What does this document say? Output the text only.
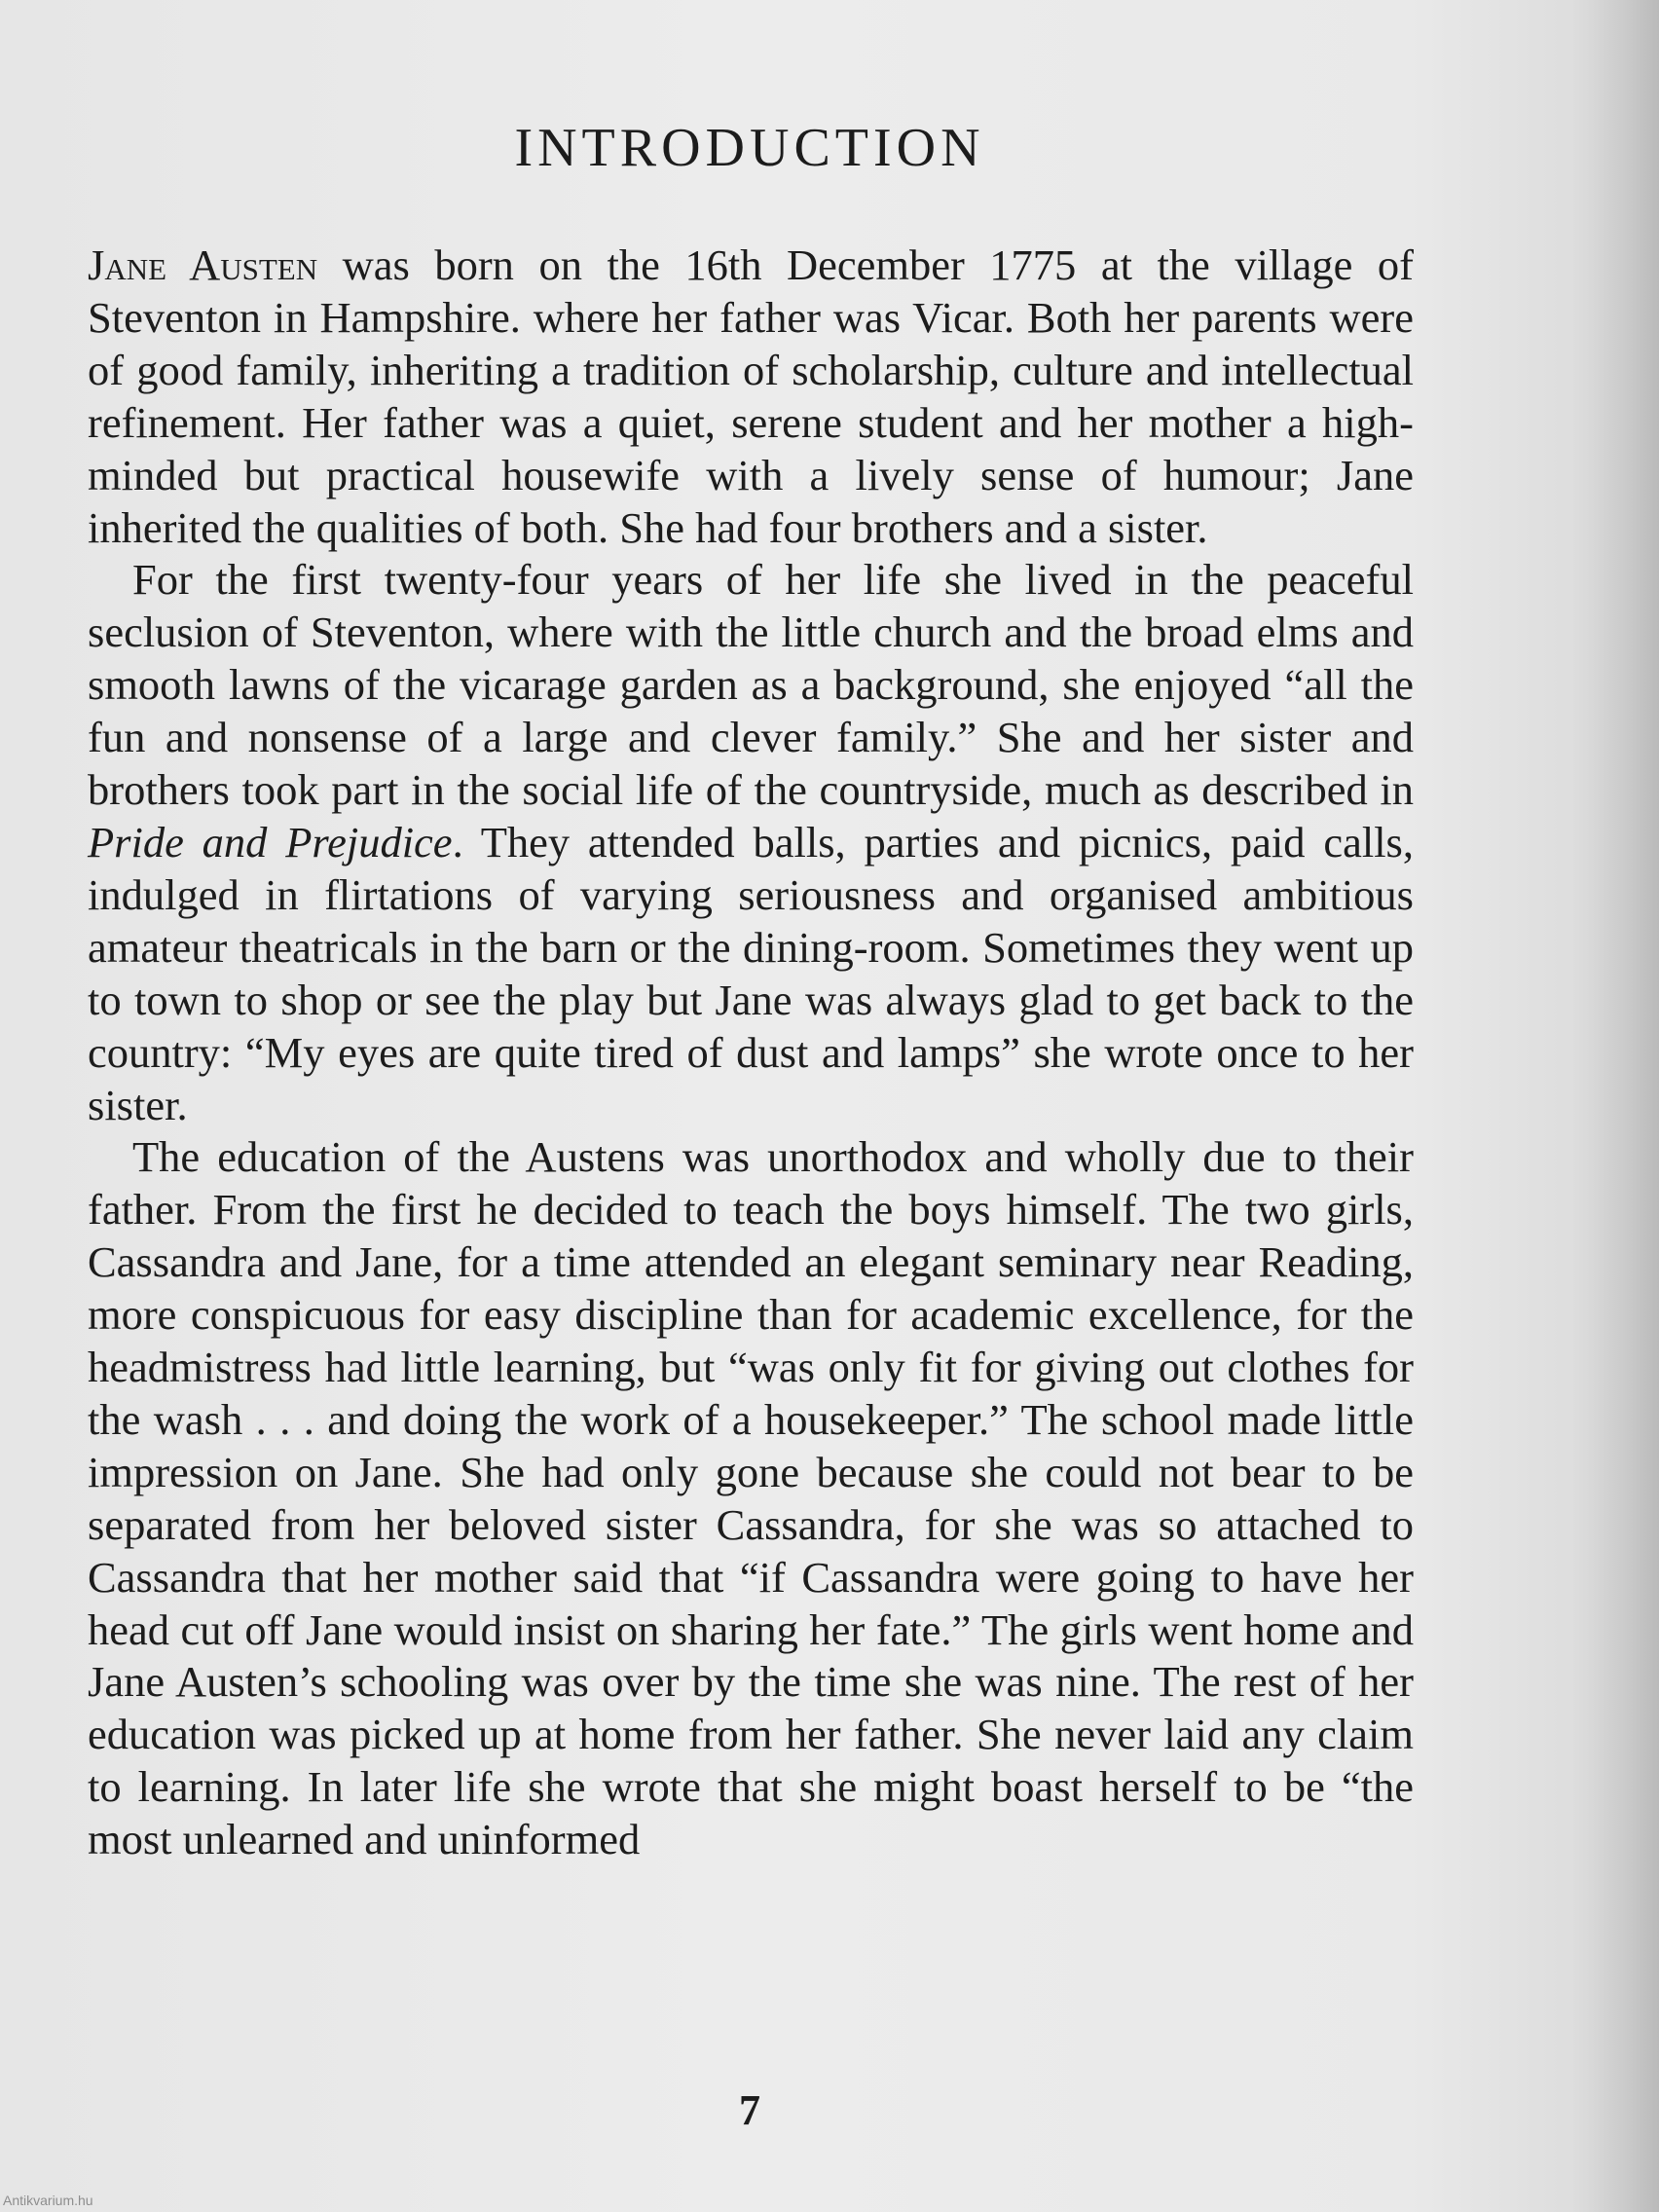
INTRODUCTION

Jane Austen was born on the 16th December 1775 at the village of Steventon in Hampshire. where her father was Vicar. Both her parents were of good family, inheriting a tradition of scholarship, culture and intellectual refinement. Her father was a quiet, serene student and her mother a high-minded but practical housewife with a lively sense of humour; Jane inherited the qualities of both. She had four brothers and a sister.

For the first twenty-four years of her life she lived in the peaceful seclusion of Steventon, where with the little church and the broad elms and smooth lawns of the vicarage garden as a background, she enjoyed “all the fun and nonsense of a large and clever family.” She and her sister and brothers took part in the social life of the countryside, much as described in Pride and Prejudice. They attended balls, parties and picnics, paid calls, indulged in flirtations of varying seriousness and organised ambitious amateur theatricals in the barn or the dining-room. Sometimes they went up to town to shop or see the play but Jane was always glad to get back to the country: “My eyes are quite tired of dust and lamps” she wrote once to her sister.

The education of the Austens was unorthodox and wholly due to their father. From the first he decided to teach the boys himself. The two girls, Cassandra and Jane, for a time attended an elegant seminary near Reading, more conspicuous for easy discipline than for academic excellence, for the headmistress had little learning, but “was only fit for giving out clothes for the wash . . . and doing the work of a housekeeper.” The school made little impression on Jane. She had only gone because she could not bear to be separated from her beloved sister Cassandra, for she was so attached to Cassandra that her mother said that “if Cassandra were going to have her head cut off Jane would insist on sharing her fate.” The girls went home and Jane Austen’s schooling was over by the time she was nine. The rest of her education was picked up at home from her father. She never laid any claim to learning. In later life she wrote that she might boast herself to be “the most unlearned and uninformed

7
Antikvarium.hu
